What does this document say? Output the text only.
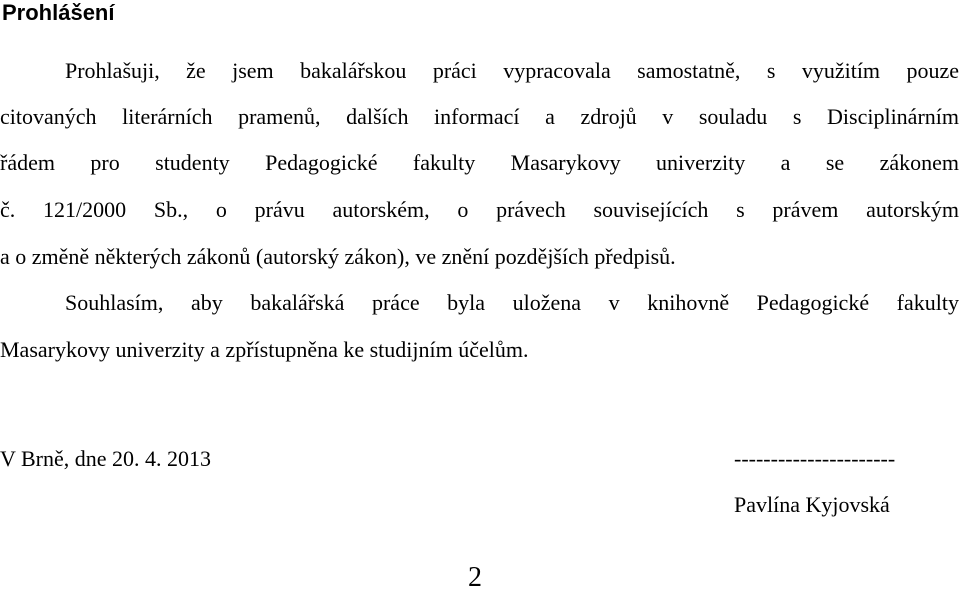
Prohlášení
Prohlašuji, že jsem bakalářskou práci vypracovala samostatně, s využitím pouze
citovaných literárních pramenů, dalších informací a zdrojů v souladu s Disciplinárním
řádem pro studenty Pedagogické fakulty Masarykovy univerzity a se zákonem
č. 121/2000 Sb., o právu autorském, o právech souvisejících s právem autorským
a o změně některých zákonů (autorský zákon), ve znění pozdějších předpisů.
Souhlasím, aby bakalářská práce byla uložena v knihovně Pedagogické fakulty
Masarykovy univerzity a zpřístupněna ke studijním účelům.
V Brně, dne 20. 4. 2013	----------------------
Pavlína Kyjovská
2
